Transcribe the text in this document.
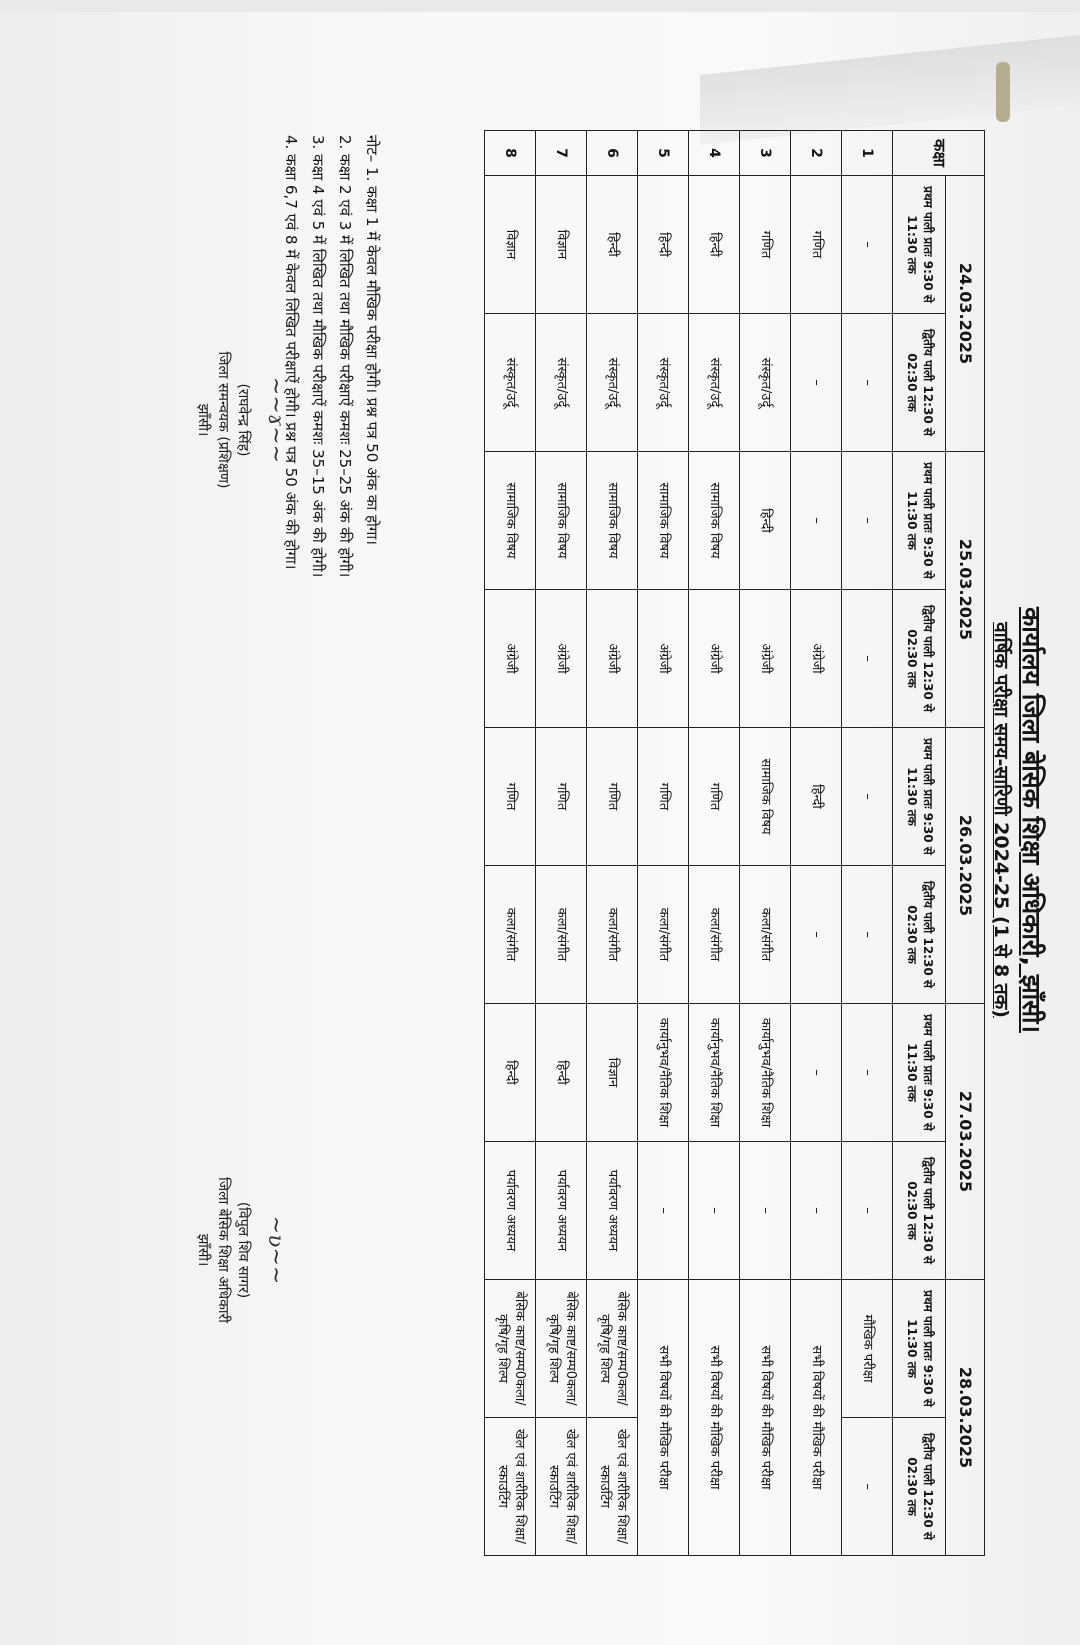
कार्यालय जिला बेसिक शिक्षा अधिकारी, झाँसी।
वार्षिक परीक्षा समय-सारिणी 2024-25 (1 से 8 तक)
कक्षा	24.03.2025		25.03.2025		26.03.2025		27.03.2025		28.03.2025	
	प्रथम पाली प्रातः 9:30 से 11:30 तक	द्वितीय पाली 12:30 से 02:30 तक	प्रथम पाली प्रातः 9:30 से 11:30 तक	द्वितीय पाली 12:30 से 02:30 तक	प्रथम पाली प्रातः 9:30 से 11:30 तक	द्वितीय पाली 12:30 से 02:30 तक	प्रथम पाली प्रातः 9:30 से 11:30 तक	द्वितीय पाली 12:30 से 02:30 तक	प्रथम पाली प्रातः 9:30 से 11:30 तक	द्वितीय पाली 12:30 से 02:30 तक
1	–	–	–	–	–	–	–	–	मौखिक परीक्षा	–
2	गणित	–	–	अंग्रेजी	हिन्दी	–	–	–	सभी विषयों की मौखिक परीक्षा	
3	गणित	संस्कृत/उर्दू	हिन्दी	अंग्रेजी	सामाजिक विषय	कला/संगीत	कार्यानुभव/नैतिक शिक्षा	–	सभी विषयों की मौखिक परीक्षा	
4	हिन्दी	संस्कृत/उर्दू	सामाजिक विषय	अंग्रेजी	गणित	कला/संगीत	कार्यानुभव/नैतिक शिक्षा	–	सभी विषयों की मौखिक परीक्षा	
5	हिन्दी	संस्कृत/उर्दू	सामाजिक विषय	अंग्रेजी	गणित	कला/संगीत	कार्यानुभव/नैतिक शिक्षा	–	सभी विषयों की मौखिक परीक्षा	
6	हिन्दी	संस्कृत/उर्दू	सामाजिक विषय	अंग्रेजी	गणित	कला/संगीत	विज्ञान	पर्यावरण अध्ययन	बेसिक काष्ट/सम्प0कला/कृषि/गृह शिल्प	खेल एवं शारीरिक शिक्षा/स्काउटिंग
7	विज्ञान	संस्कृत/उर्दू	सामाजिक विषय	अंग्रेजी	गणित	कला/संगीत	हिन्दी	पर्यावरण अध्ययन	बेसिक काष्ट/सम्प0कला/कृषि/गृह शिल्प	खेल एवं शारीरिक शिक्षा/स्काउटिंग
8	विज्ञान	संस्कृत/उर्दू	सामाजिक विषय	अंग्रेजी	गणित	कला/संगीत	हिन्दी	पर्यावरण अध्ययन	बेसिक काष्ट/सम्प0कला/कृषि/गृह शिल्प	खेल एवं शारीरिक शिक्षा/स्काउटिंग
नोट– 1. कक्षा 1 में केवल मौखिक परीक्षा होगी। प्रश्न पत्र 50 अंक का होगा।
2. कक्षा 2 एवं 3 में लिखित तथा मौखिक परीक्षाऐं कमशः 25–25 अंक की होगी।
3. कक्षा 4 एवं 5 में लिखित तथा मौखिक परीक्षाऐं कमशः 35–15 अंक की होगी।
4. कक्षा 6,7 एवं 8 में केवल लिखित परीक्षाऐं होगी। प्रश्न पत्र 50 अंक की होगा।
~~ɤ~~
(राघवेन्द्र सिंह)
जिला समन्वयक (प्रशिक्षण)
झाँसी।
~ʋ~~
(विपुल शिव सागर)
जिला बेसिक शिक्षा अधिकारी
झाँसी।
